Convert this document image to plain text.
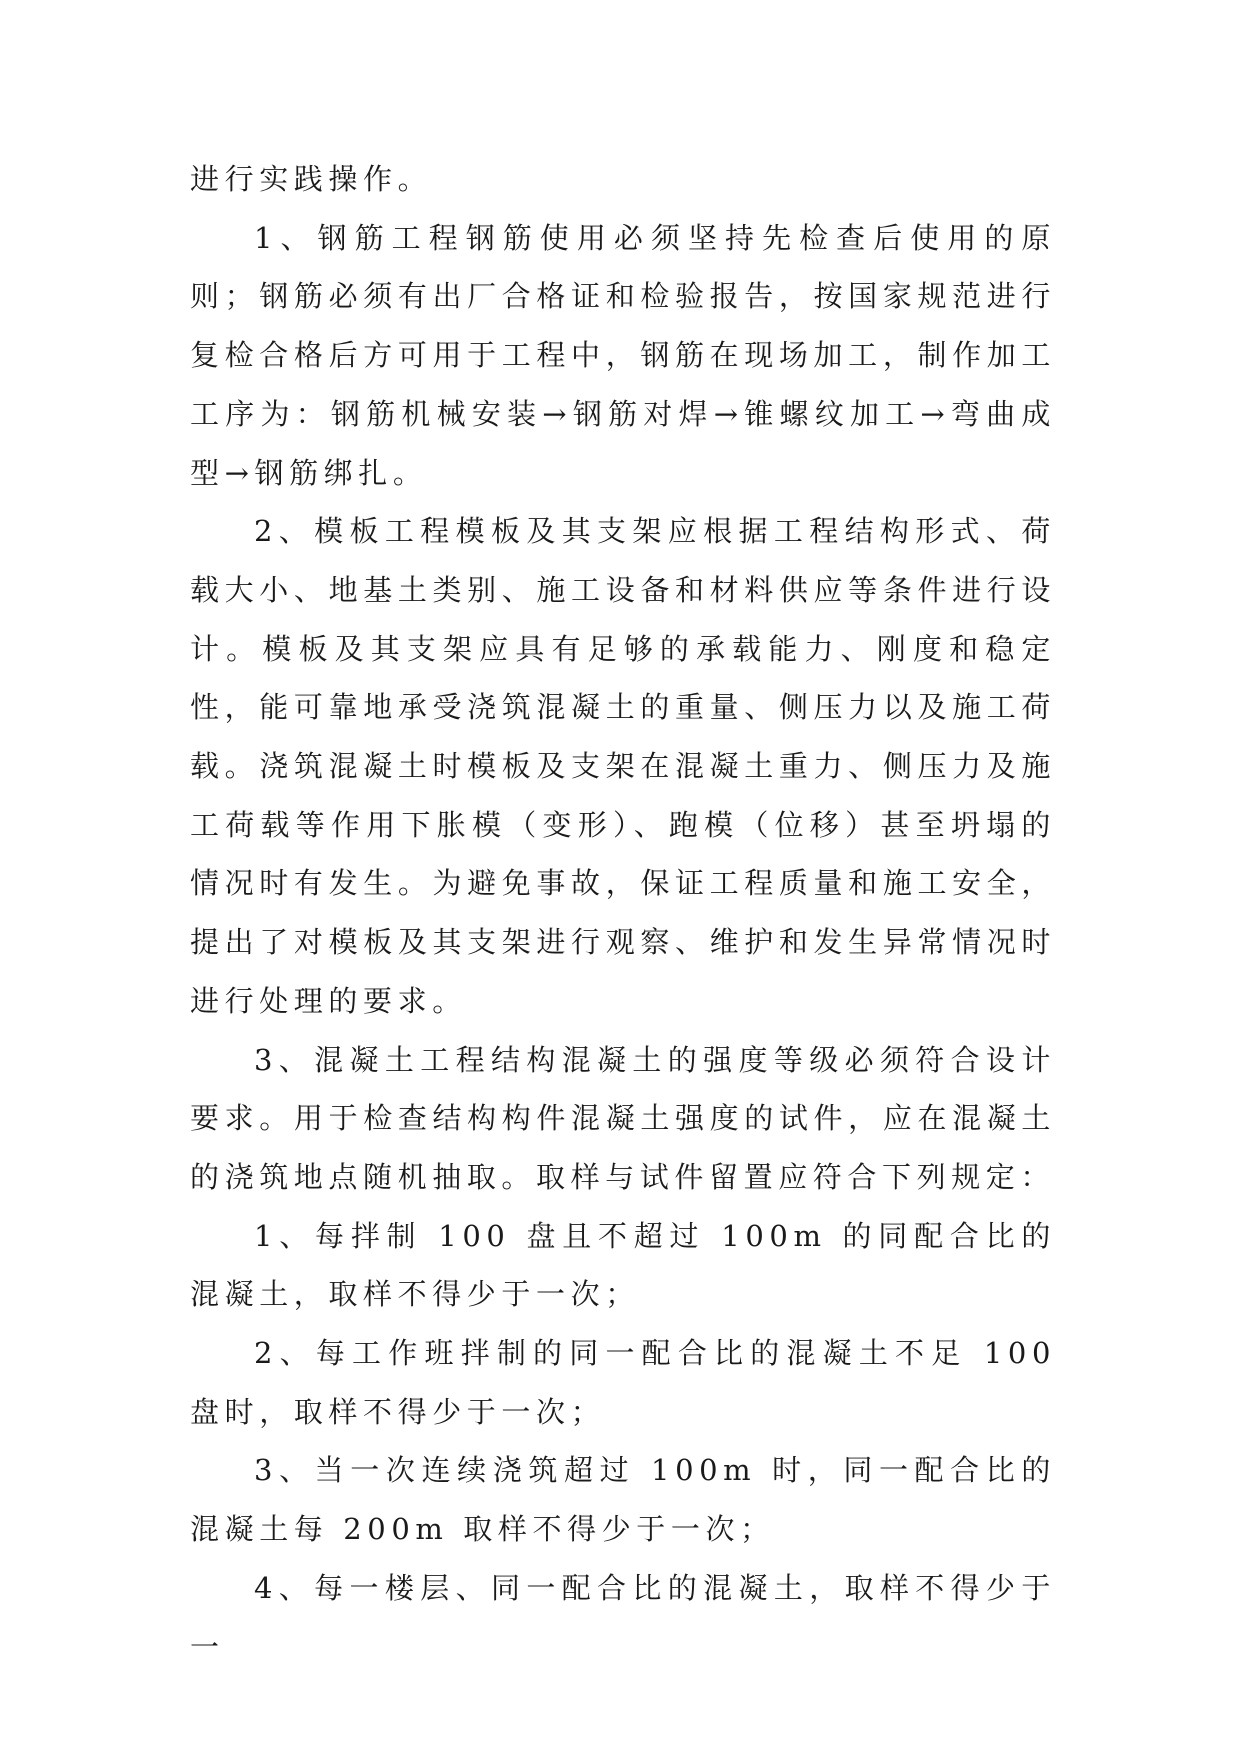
进行实践操作。

1、钢筋工程钢筋使用必须坚持先检查后使用的原则；钢筋必须有出厂合格证和检验报告，按国家规范进行复检合格后方可用于工程中，钢筋在现场加工，制作加工工序为：钢筋机械安装→钢筋对焊→锥螺纹加工→弯曲成型→钢筋绑扎。

2、模板工程模板及其支架应根据工程结构形式、荷载大小、地基土类别、施工设备和材料供应等条件进行设计。模板及其支架应具有足够的承载能力、刚度和稳定性，能可靠地承受浇筑混凝土的重量、侧压力以及施工荷载。浇筑混凝土时模板及支架在混凝土重力、侧压力及施工荷载等作用下胀模（变形）、跑模（位移）甚至坍塌的情况时有发生。为避免事故，保证工程质量和施工安全，提出了对模板及其支架进行观察、维护和发生异常情况时进行处理的要求。

3、混凝土工程结构混凝土的强度等级必须符合设计要求。用于检查结构构件混凝土强度的试件，应在混凝土的浇筑地点随机抽取。取样与试件留置应符合下列规定：

1、每拌制 100 盘且不超过 100m 的同配合比的混凝土，取样不得少于一次；

2、每工作班拌制的同一配合比的混凝土不足 100 盘时，取样不得少于一次；

3、当一次连续浇筑超过 100m 时，同一配合比的混凝土每 200m 取样不得少于一次；

4、每一楼层、同一配合比的混凝土，取样不得少于一
